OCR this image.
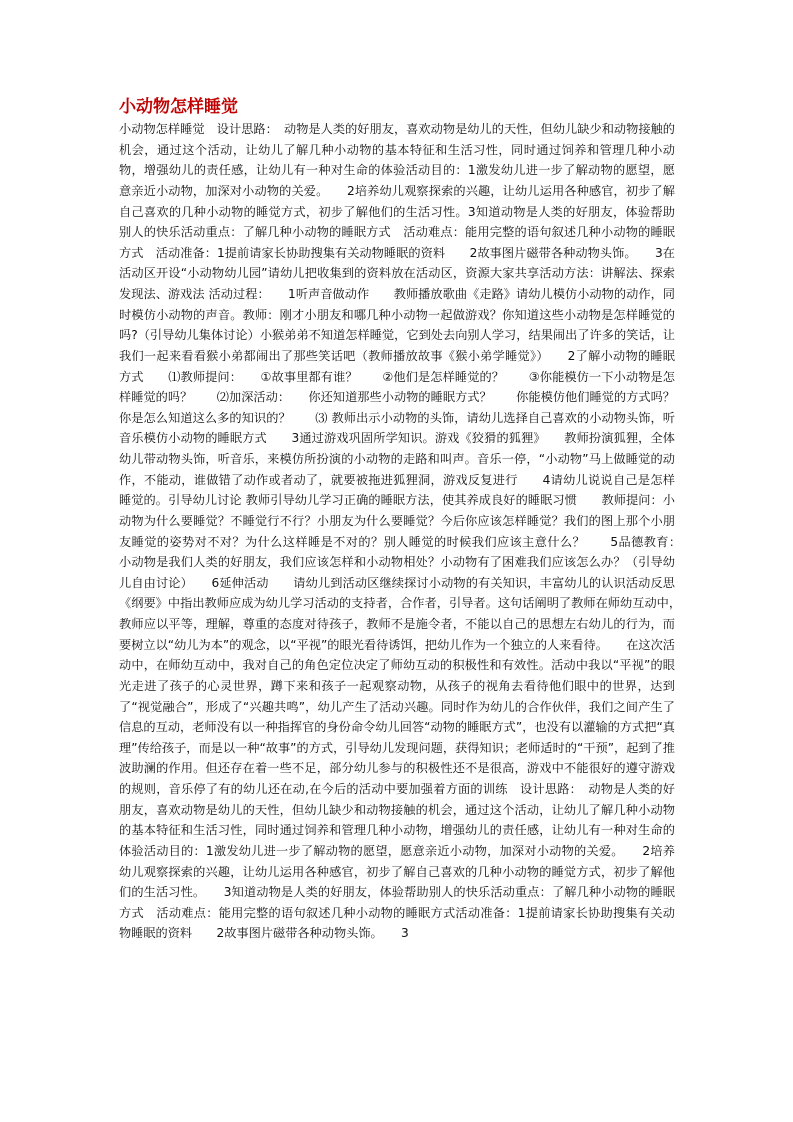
小动物怎样睡觉

小动物怎样睡觉　设计思路：　动物是人类的好朋友，喜欢动物是幼儿的天性，但幼儿缺少和动物接触的机会，通过这个活动，让幼儿了解几种小动物的基本特征和生活习性，同时通过饲养和管理几种小动物，增强幼儿的责任感，让幼儿有一种对生命的体验活动目的：1激发幼儿进一步了解动物的愿望，愿意亲近小动物，加深对小动物的关爱。　　2培养幼儿观察探索的兴趣，让幼儿运用各种感官，初步了解自己喜欢的几种小动物的睡觉方式，初步了解他们的生活习性。3知道动物是人类的好朋友，体验帮助别人的快乐活动重点：了解几种小动物的睡眠方式　活动难点：能用完整的语句叙述几种小动物的睡眠方式　活动准备：1提前请家长协助搜集有关动物睡眠的资料　　2故事图片磁带各种动物头饰。　　3在活动区开设“小动物幼儿园”请幼儿把收集到的资料放在活动区，资源大家共享活动方法：讲解法、探索发现法、游戏法 活动过程：　　1听声音做动作　　教师播放歌曲《走路》请幼儿模仿小动物的动作，同时模仿小动物的声音。教师：刚才小朋友和哪几种小动物一起做游戏？你知道这些小动物是怎样睡觉的吗?（引导幼儿集体讨论）小猴弟弟不知道怎样睡觉，它到处去向别人学习，结果闹出了许多的笑话，让我们一起来看看猴小弟都闹出了那些笑话吧（教师播放故事《猴小弟学睡觉》）　　2了解小动物的睡眠方式　　⑴教师提问：　　①故事里都有谁？　　②他们是怎样睡觉的？　　③你能模仿一下小动物是怎样睡觉的吗？　　⑵加深活动：　　你还知道那些小动物的睡眠方式？　　你能模仿他们睡觉的方式吗？　　你是怎么知道这么多的知识的？　　⑶ 教师出示小动物的头饰，请幼儿选择自己喜欢的小动物头饰，听音乐模仿小动物的睡眠方式　　3通过游戏巩固所学知识。游戏《狡猾的狐狸》　　教师扮演狐狸，全体幼儿带动物头饰，听音乐，来模仿所扮演的小动物的走路和叫声。音乐一停，“小动物”马上做睡觉的动作，不能动，谁做错了动作或者动了，就要被拖进狐狸洞，游戏反复进行　　4请幼儿说说自己是怎样睡觉的。引导幼儿讨论 教师引导幼儿学习正确的睡眠方法，使其养成良好的睡眠习惯　　教师提问：小动物为什么要睡觉？不睡觉行不行？小朋友为什么要睡觉？今后你应该怎样睡觉？我们的图上那个小朋友睡觉的姿势对不对？为什么这样睡是不对的？别人睡觉的时候我们应该主意什么？　　5品德教育：　　小动物是我们人类的好朋友，我们应该怎样和小动物相处？小动物有了困难我们应该怎么办？（引导幼儿自由讨论）　　6延伸活动　　请幼儿到活动区继续探讨小动物的有关知识，丰富幼儿的认识活动反思　　《纲要》中指出教师应成为幼儿学习活动的支持者，合作者，引导者。这句话阐明了教师在师幼互动中，　教师应以平等，理解，尊重的态度对待孩子，教师不是施令者，不能以自己的思想左右幼儿的行为，而要树立以“幼儿为本”的观念，以“平视”的眼光看待诱饵，把幼儿作为一个独立的人来看待。　　在这次活动中，在师幼互动中，我对自己的角色定位决定了师幼互动的积极性和有效性。活动中我以“平视”的眼光走进了孩子的心灵世界，蹲下来和孩子一起观察动物，从孩子的视角去看待他们眼中的世界，达到了“视觉融合”，形成了“兴趣共鸣”，幼儿产生了活动兴趣。同时作为幼儿的合作伙伴，我们之间产生了信息的互动，老师没有以一种指挥官的身份命令幼儿回答“动物的睡眠方式”，也没有以灌输的方式把“真理”传给孩子，而是以一种“故事”的方式，引导幼儿发现问题，获得知识；老师适时的“干预”，起到了推波助澜的作用。但还存在着一些不足，部分幼儿参与的积极性还不是很高，游戏中不能很好的遵守游戏的规则，音乐停了有的幼儿还在动,在今后的活动中要加强着方面的训练　设计思路：　动物是人类的好朋友，喜欢动物是幼儿的天性，但幼儿缺少和动物接触的机会，通过这个活动，让幼儿了解几种小动物的基本特征和生活习性，同时通过饲养和管理几种小动物，增强幼儿的责任感，让幼儿有一种对生命的体验活动目的：1激发幼儿进一步了解动物的愿望，愿意亲近小动物，加深对小动物的关爱。　　2培养幼儿观察探索的兴趣，让幼儿运用各种感官，初步了解自己喜欢的几种小动物的睡觉方式，初步了解他们的生活习性。　　3知道动物是人类的好朋友，体验帮助别人的快乐活动重点：了解几种小动物的睡眠方式　活动难点：能用完整的语句叙述几种小动物的睡眠方式活动准备：1提前请家长协助搜集有关动物睡眠的资料　　2故事图片磁带各种动物头饰。　　3
